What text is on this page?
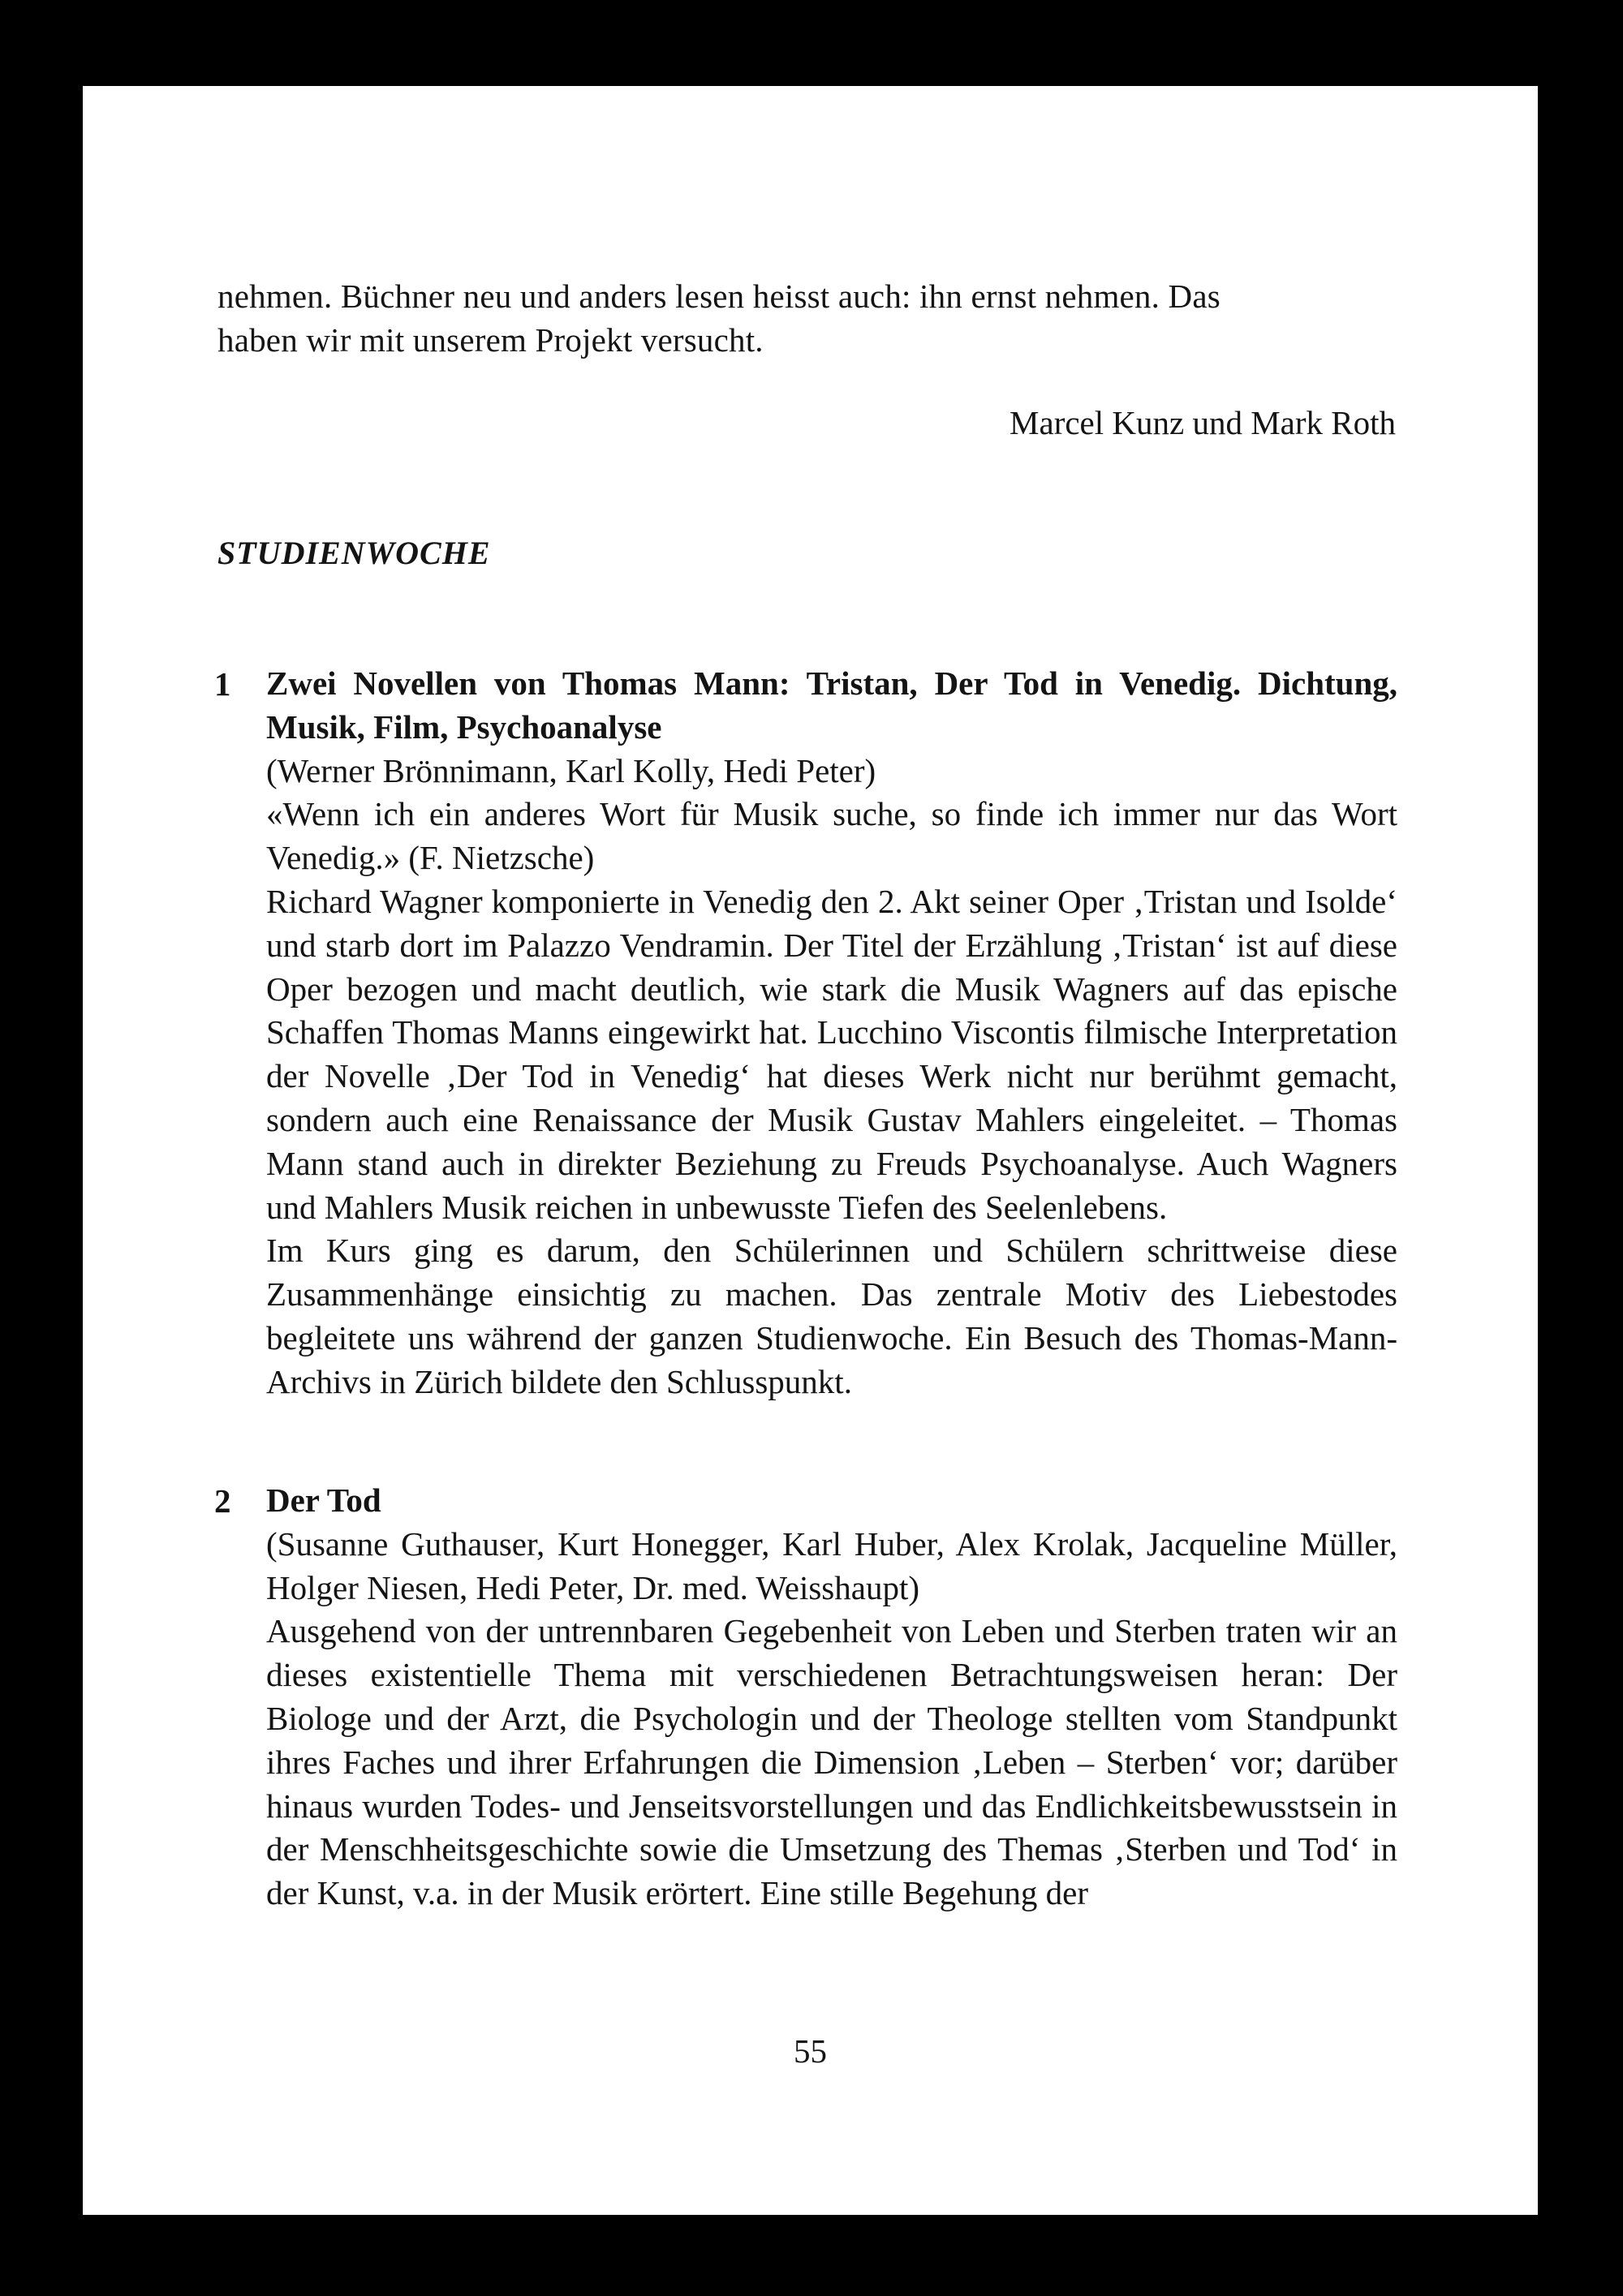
nehmen. Büchner neu und anders lesen heisst auch: ihn ernst nehmen. Das
haben wir mit unserem Projekt versucht.
Marcel Kunz und Mark Roth
STUDIENWOCHE
1 Zwei Novellen von Thomas Mann: Tristan, Der Tod in Venedig. Dichtung, Musik, Film, Psychoanalyse

(Werner Brönnimann, Karl Kolly, Hedi Peter)

«Wenn ich ein anderes Wort für Musik suche, so finde ich immer nur das Wort Venedig.» (F. Nietzsche)

Richard Wagner komponierte in Venedig den 2. Akt seiner Oper ‚Tristan und Isolde‘ und starb dort im Palazzo Vendramin. Der Titel der Erzählung ‚Tristan‘ ist auf diese Oper bezogen und macht deutlich, wie stark die Musik Wagners auf das epische Schaffen Thomas Manns eingewirkt hat. Lucchino Viscontis filmische Interpretation der Novelle ‚Der Tod in Venedig‘ hat dieses Werk nicht nur berühmt gemacht, sondern auch eine Renaissance der Musik Gustav Mahlers eingeleitet. – Thomas Mann stand auch in direkter Beziehung zu Freuds Psychoanalyse. Auch Wagners und Mahlers Musik reichen in unbewusste Tiefen des Seelenlebens.

Im Kurs ging es darum, den Schülerinnen und Schülern schrittweise diese Zusammenhänge einsichtig zu machen. Das zentrale Motiv des Liebestodes begleitete uns während der ganzen Studienwoche. Ein Besuch des Thomas-Mann-Archivs in Zürich bildete den Schlusspunkt.

2 Der Tod

(Susanne Guthauser, Kurt Honegger, Karl Huber, Alex Krolak, Jacqueline Müller, Holger Niesen, Hedi Peter, Dr. med. Weisshaupt)

Ausgehend von der untrennbaren Gegebenheit von Leben und Sterben traten wir an dieses existentielle Thema mit verschiedenen Betrachtungsweisen heran: Der Biologe und der Arzt, die Psychologin und der Theologe stellten vom Standpunkt ihres Faches und ihrer Erfahrungen die Dimension ‚Leben – Sterben‘ vor; darüber hinaus wurden Todes- und Jenseitsvorstellungen und das Endlichkeitsbewusstsein in der Menschheitsgeschichte sowie die Umsetzung des Themas ‚Sterben und Tod‘ in der Kunst, v.a. in der Musik erörtert. Eine stille Begehung der

55
